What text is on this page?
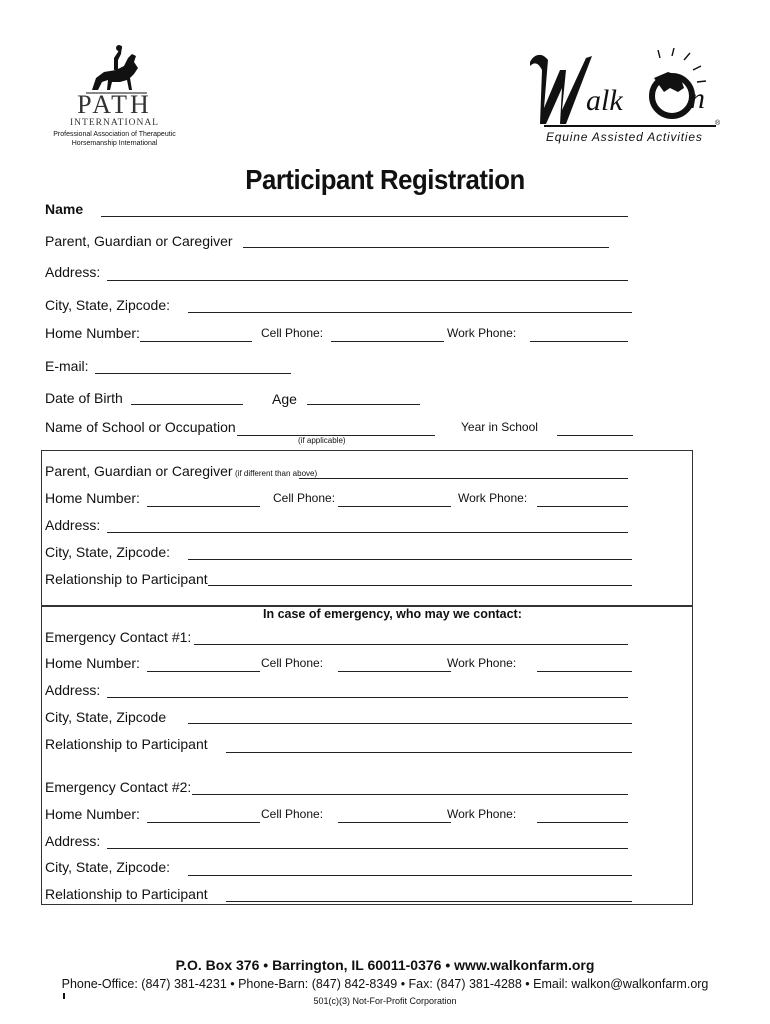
PATH
INTERNATIONAL
Professional Association of Therapeutic
Horsemanship International
alk n
®
Equine Assisted Activities
Participant Registration
Name
Parent, Guardian or Caregiver
Address:
City, State, Zipcode:
Home Number:	Cell Phone:	Work Phone:
E-mail:
Date of Birth	Age
Name of School or Occupation
(if applicable)
Year in School
Parent, Guardian or Caregiver (if different than above)
Home Number:	Cell Phone:	Work Phone:
Address:
City, State, Zipcode:
Relationship to Participant
In case of emergency, who may we contact:
Emergency Contact #1:
Home Number:	Cell Phone:	Work Phone:
Address:
City, State, Zipcode
Relationship to Participant
Emergency Contact #2:
Home Number:	Cell Phone:	Work Phone:
Address:
City, State, Zipcode:
Relationship to Participant
P.O. Box 376 • Barrington, IL 60011-0376 • www.walkonfarm.org
Phone-Office: (847) 381-4231 • Phone-Barn: (847) 842-8349 • Fax: (847) 381-4288 • Email: walkon@walkonfarm.org
501(c)(3) Not-For-Profit Corporation
